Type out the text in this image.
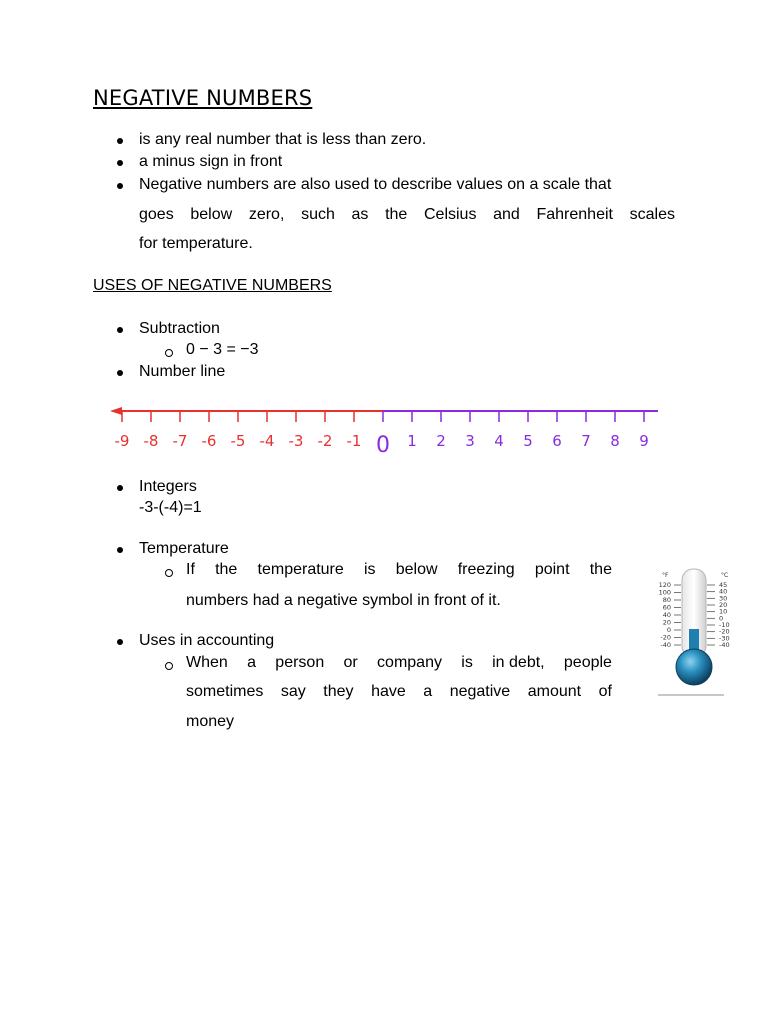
NEGATIVE NUMBERS
is any real number that is less than zero.
a minus sign in front
Negative numbers are also used to describe values on a scale that
goes below zero, such as the Celsius and Fahrenheit scales
for temperature.
USES OF NEGATIVE NUMBERS
Subtraction
0 − 3 = −3
Number line
-9 -8 -7 -6 -5 -4 -3 -2 -1 0 1 2 3 4 5 6 7 8 9
Integers
-3-(-4)=1
Temperature
If the temperature is below freezing point the
numbers had a negative symbol in front of it.
120
100
80
60
40
20
0
-20
-40
45
40
30
20
10
0
-10
-20
-30
-40
°F	°C
Uses in accounting
When a person or company is in debt, people
sometimes say they have a negative amount of
money
